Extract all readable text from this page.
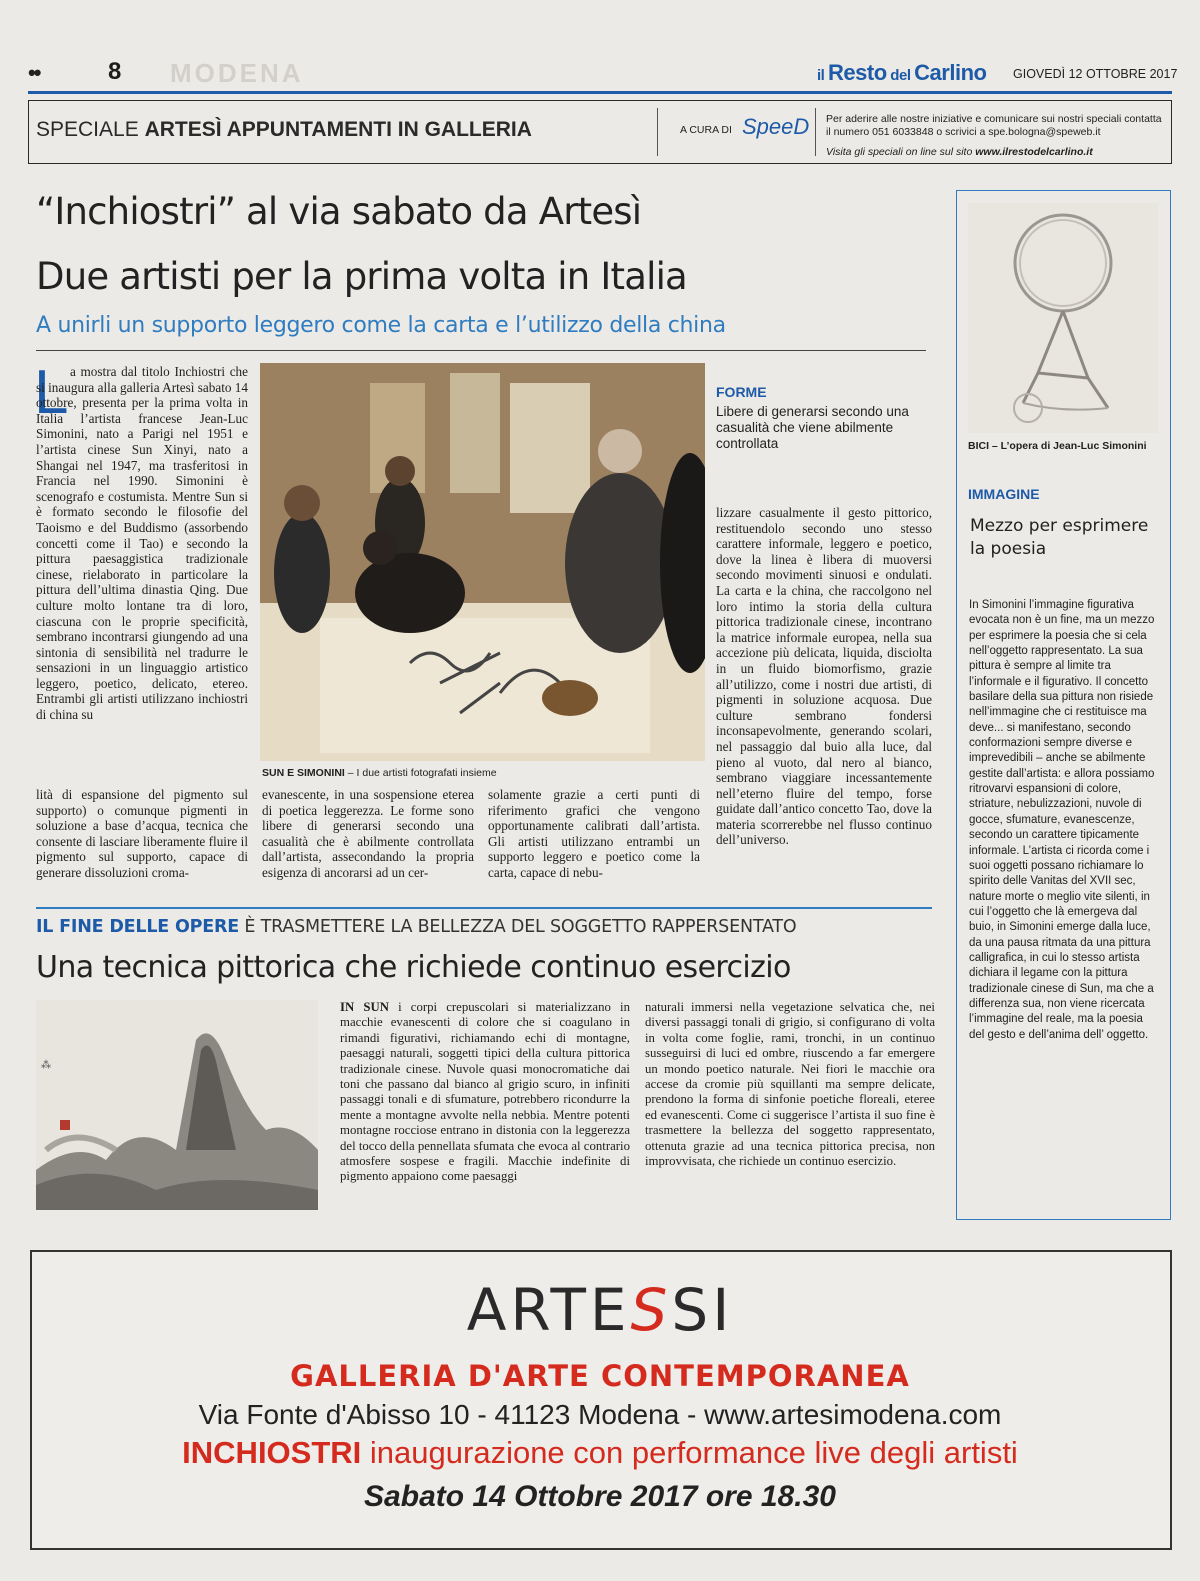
••	8 MODENA	il Resto del Carlino GIOVEDÌ 12 OTTOBRE 2017
SPECIALE ARTESÌ APPUNTAMENTI IN GALLERIA	A CURA DI SpeeD Per aderire alle nostre iniziative e comunicare sui nostri speciali contatta il numero 051 6033848 o scrivici a spe.bologna@speweb.it
Visita gli speciali on line sul sito www.ilrestodelcarlino.it
“Inchiostri” al via sabato da Artesì
Due artisti per la prima volta in Italia
A unirli un supporto leggero come la carta e l’utilizzo della china
L a mostra dal titolo Inchiostri che si inaugura alla galleria Artesì sabato 14 ottobre, presenta per la prima volta in Italia l’artista francese Jean-Luc Simonini, nato a Parigi nel 1951 e l’artista cinese Sun Xinyi, nato a Shangai nel 1947, ma trasferitosi in Francia nel 1990. Simonini è scenografo e costumista. Mentre Sun si è formato secondo le filosofie del Taoismo e del Buddismo (assorbendo concetti come il Tao) e secondo la pittura paesaggistica tradizionale cinese, rielaborato in particolare la pittura dell’ultima dinastia Qing. Due culture molto lontane tra di loro, ciascuna con le proprie specificità, sembrano incontrarsi giungendo ad una sintonia di sensibilità nel tradurre le sensazioni in un linguaggio artistico leggero, poetico, delicato, etereo. Entrambi gli artisti utilizzano inchiostri di china su
SUN E SIMONINI – I due artisti fotografati insieme
FORME
Libere di generarsi secondo una casualità che viene abilmente controllata
lità di espansione del pigmento sul supporto) o comunque pigmenti in soluzione a base d’acqua, tecnica che consente di lasciare liberamente fluire il pigmento sul supporto, capace di generare dissoluzioni croma-
evanescente, in una sospensione eterea di poetica leggerezza. Le forme sono libere di generarsi secondo una casualità che è abilmente controllata dall’artista, assecondando la propria esigenza di ancorarsi ad un cer-
solamente grazie a certi punti di riferimento grafici che vengono opportunamente calibrati dall’artista. Gli artisti utilizzano entrambi un supporto leggero e poetico come la carta, capace di nebu-
lizzare casualmente il gesto pittorico, restituendolo secondo uno stesso carattere informale, leggero e poetico, dove la linea è libera di muoversi secondo movimenti sinuosi e ondulati. La carta e la china, che raccolgono nel loro intimo la storia della cultura pittorica tradizionale cinese, incontrano la matrice informale europea, nella sua accezione più delicata, liquida, disciolta in un fluido biomorfismo, grazie all’utilizzo, come i nostri due artisti, di pigmenti in soluzione acquosa. Due culture sembrano fondersi inconsapevolmente, generando scolari, nel passaggio dal buio alla luce, dal pieno al vuoto, dal nero al bianco, sembrano viaggiare incessantemente nell’eterno fluire del tempo, forse guidate dall’antico concetto Tao, dove la materia scorrerebbe nel flusso continuo dell’universo.
BICI – L’opera di Jean-Luc Simonini
IMMAGINE
Mezzo per esprimere la poesia
In Simonini l’immagine figurativa evocata non è un fine, ma un mezzo per esprimere la poesia che si cela nell’oggetto rappresentato. La sua pittura è sempre al limite tra l’informale e il figurativo. Il concetto basilare della sua pittura non risiede nell’immagine che ci restituisce ma deve... si manifestano, secondo conformazioni sempre diverse e imprevedibili – anche se abilmente gestite dall’artista: e allora possiamo ritrovarvi espansioni di colore, striature, nebulizzazioni, nuvole di gocce, sfumature, evanescenze, secondo un carattere tipicamente informale. L’artista ci ricorda come i suoi oggetti possano richiamare lo spirito delle Vanitas del XVII sec, nature morte o meglio vite silenti, in cui l’oggetto che là emergeva dal buio, in Simonini emerge dalla luce, da una pausa ritmata da una pittura calligrafica, in cui lo stesso artista dichiara il legame con la pittura tradizionale cinese di Sun, ma che a differenza sua, non viene ricercata l’immagine del reale, ma la poesia del gesto e dell’anima dell’ oggetto.
IL FINE DELLE OPERE È TRASMETTERE LA BELLEZZA DEL SOGGETTO RAPPERSENTATO
Una tecnica pittorica che richiede continuo esercizio
⁂
IN SUN i corpi crepuscolari si materializzano in macchie evanescenti di colore che si coagulano in rimandi figurativi, richiamando echi di montagne, paesaggi naturali, soggetti tipici della cultura pittorica tradizionale cinese. Nuvole quasi monocromatiche dai toni che passano dal bianco al grigio scuro, in infiniti passaggi tonali e di sfumature, potrebbero ricondurre la mente a montagne avvolte nella nebbia. Mentre potenti montagne rocciose entrano in distonia con la leggerezza del tocco della pennellata sfumata che evoca al contrario atmosfere sospese e fragili. Macchie indefinite di pigmento appaiono come paesaggi
naturali immersi nella vegetazione selvatica che, nei diversi passaggi tonali di grigio, si configurano di volta in volta come foglie, rami, tronchi, in un continuo susseguirsi di luci ed ombre, riuscendo a far emergere un mondo poetico naturale. Nei fiori le macchie ora accese da cromie più squillanti ma sempre delicate, prendono la forma di sinfonie poetiche floreali, eteree ed evanescenti. Come ci suggerisce l’artista il suo fine è trasmettere la bellezza del soggetto rappresentato, ottenuta grazie ad una tecnica pittorica precisa, non improvvisata, che richiede un continuo esercizio.
ARTESSI
GALLERIA D'ARTE CONTEMPORANEA
Via Fonte d'Abisso 10 - 41123 Modena - www.artesimodena.com
INCHIOSTRI inaugurazione con performance live degli artisti
Sabato 14 Ottobre 2017 ore 18.30
